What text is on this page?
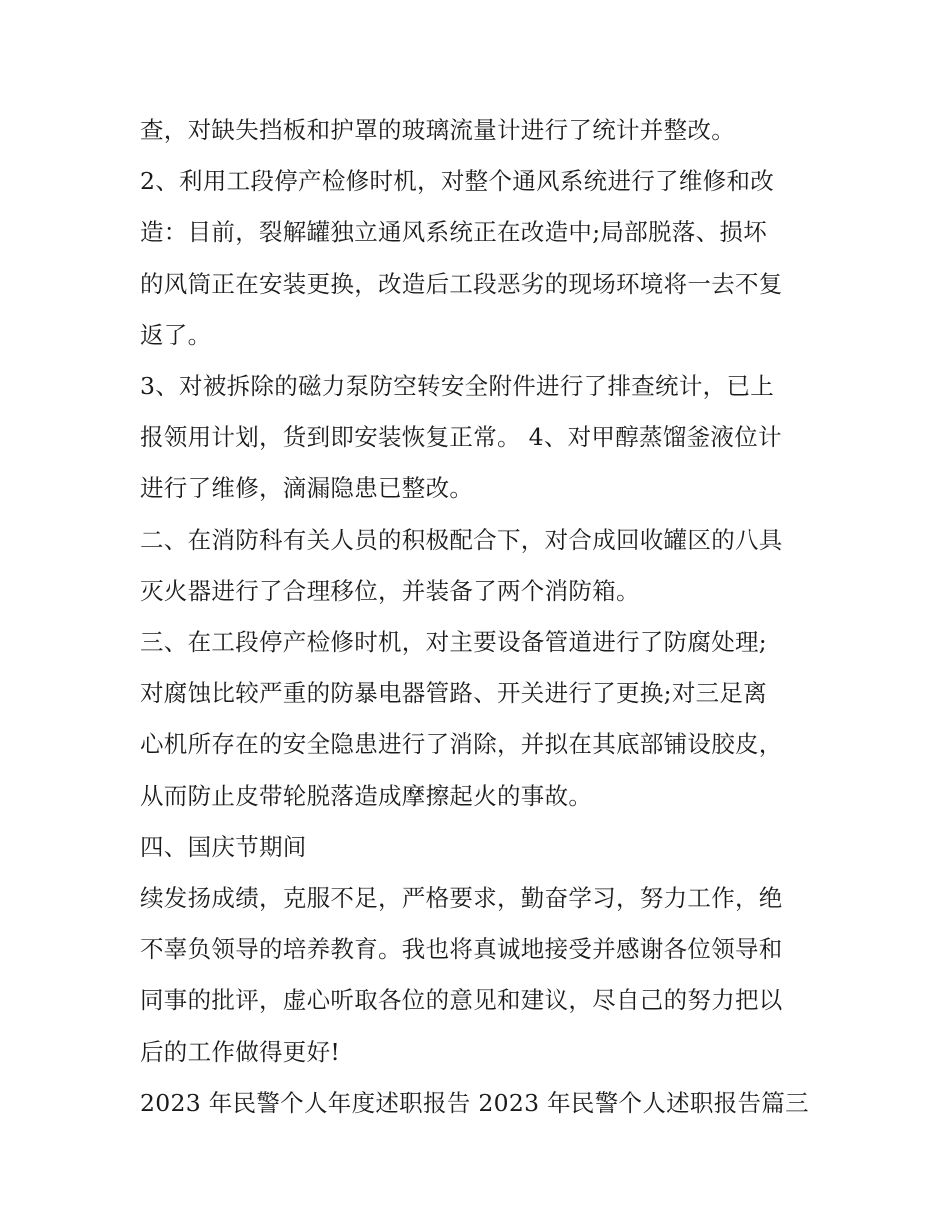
查，对缺失挡板和护罩的玻璃流量计进行了统计并整改。
2、利用工段停产检修时机，对整个通风系统进行了维修和改
造：目前，裂解罐独立通风系统正在改造中;局部脱落、损坏
的风筒正在安装更换，改造后工段恶劣的现场环境将一去不复
返了。
3、对被拆除的磁力泵防空转安全附件进行了排查统计，已上
报领用计划，货到即安装恢复正常。 4、对甲醇蒸馏釜液位计
进行了维修，滴漏隐患已整改。
二、在消防科有关人员的积极配合下，对合成回收罐区的八具
灭火器进行了合理移位，并装备了两个消防箱。
三、在工段停产检修时机，对主要设备管道进行了防腐处理;
对腐蚀比较严重的防暴电器管路、开关进行了更换;对三足离
心机所存在的安全隐患进行了消除，并拟在其底部铺设胶皮，
从而防止皮带轮脱落造成摩擦起火的事故。
四、国庆节期间
续发扬成绩，克服不足，严格要求，勤奋学习，努力工作，绝
不辜负领导的培养教育。我也将真诚地接受并感谢各位领导和
同事的批评，虚心听取各位的意见和建议，尽自己的努力把以
后的工作做得更好!
2023 年民警个人年度述职报告 2023 年民警个人述职报告篇三
